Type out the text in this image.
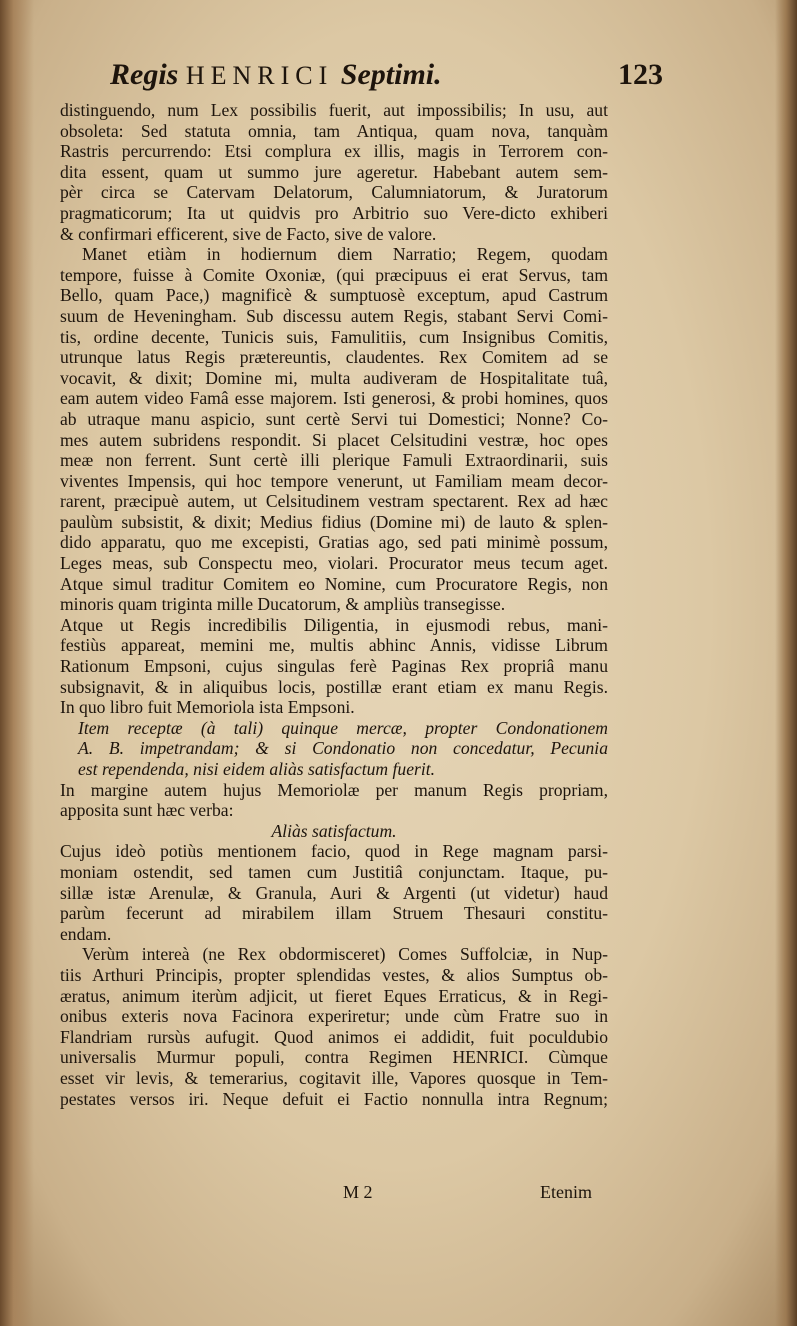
Regis HENRICI Septimi.	123
distinguendo, num Lex possibilis fuerit, aut impossibilis; In usu, aut
obsoleta: Sed statuta omnia, tam Antiqua, quam nova, tanquàm
Rastris percurrendo: Etsi complura ex illis, magis in Terrorem con-
dita essent, quam ut summo jure ageretur. Habebant autem sem-
pèr circa se Catervam Delatorum, Calumniatorum, & Juratorum
pragmaticorum; Ita ut quidvis pro Arbitrio suo Vere-dicto exhiberi
& confirmari efficerent, sive de Facto, sive de valore.
Manet etiàm in hodiernum diem Narratio; Regem, quodam
tempore, fuisse à Comite Oxoniæ, (qui præcipuus ei erat Servus, tam
Bello, quam Pace,) magnificè & sumptuosè exceptum, apud Castrum
suum de Heveningham. Sub discessu autem Regis, stabant Servi Comi-
tis, ordine decente, Tunicis suis, Famulitiis, cum Insignibus Comitis,
utrunque latus Regis prætereuntis, claudentes. Rex Comitem ad se
vocavit, & dixit; Domine mi, multa audiveram de Hospitalitate tuâ,
eam autem video Famâ esse majorem. Isti generosi, & probi homines, quos
ab utraque manu aspicio, sunt certè Servi tui Domestici; Nonne? Co-
mes autem subridens respondit. Si placet Celsitudini vestræ, hoc opes
meæ non ferrent. Sunt certè illi plerique Famuli Extraordinarii, suis
viventes Impensis, qui hoc tempore venerunt, ut Familiam meam decor-
rarent, præcipuè autem, ut Celsitudinem vestram spectarent. Rex ad hæc
paulùm subsistit, & dixit; Medius fidius (Domine mi) de lauto & splen-
dido apparatu, quo me excepisti, Gratias ago, sed pati minimè possum,
Leges meas, sub Conspectu meo, violari. Procurator meus tecum aget.
Atque simul traditur Comitem eo Nomine, cum Procuratore Regis, non
minoris quam triginta mille Ducatorum, & ampliùs transegisse.
Atque ut Regis incredibilis Diligentia, in ejusmodi rebus, mani-
festiùs appareat, memini me, multis abhinc Annis, vidisse Librum
Rationum Empsoni, cujus singulas ferè Paginas Rex propriâ manu
subsignavit, & in aliquibus locis, postillæ erant etiam ex manu Regis.
In quo libro fuit Memoriola ista Empsoni.
Item receptæ (à tali) quinque mercæ, propter Condonationem
A. B. impetrandam; & si Condonatio non concedatur, Pecunia
est rependenda, nisi eidem aliàs satisfactum fuerit.
In margine autem hujus Memoriolæ per manum Regis propriam,
apposita sunt hæc verba:
Aliàs satisfactum.
Cujus ideò potiùs mentionem facio, quod in Rege magnam parsi-
moniam ostendit, sed tamen cum Justitiâ conjunctam. Itaque, pu-
sillæ istæ Arenulæ, & Granula, Auri & Argenti (ut videtur) haud
parùm fecerunt ad mirabilem illam Struem Thesauri constitu-
endam.
Verùm intereà (ne Rex obdormisceret) Comes Suffolciæ, in Nup-
tiis Arthuri Principis, propter splendidas vestes, & alios Sumptus ob-
æratus, animum iterùm adjicit, ut fieret Eques Erraticus, & in Regi-
onibus exteris nova Facinora experiretur; unde cùm Fratre suo in
Flandriam rursùs aufugit. Quod animos ei addidit, fuit poculdubio
universalis Murmur populi, contra Regimen HENRICI. Cùmque
esset vir levis, & temerarius, cogitavit ille, Vapores quosque in Tem-
pestates versos iri. Neque defuit ei Factio nonnulla intra Regnum;
M 2	Etenim
